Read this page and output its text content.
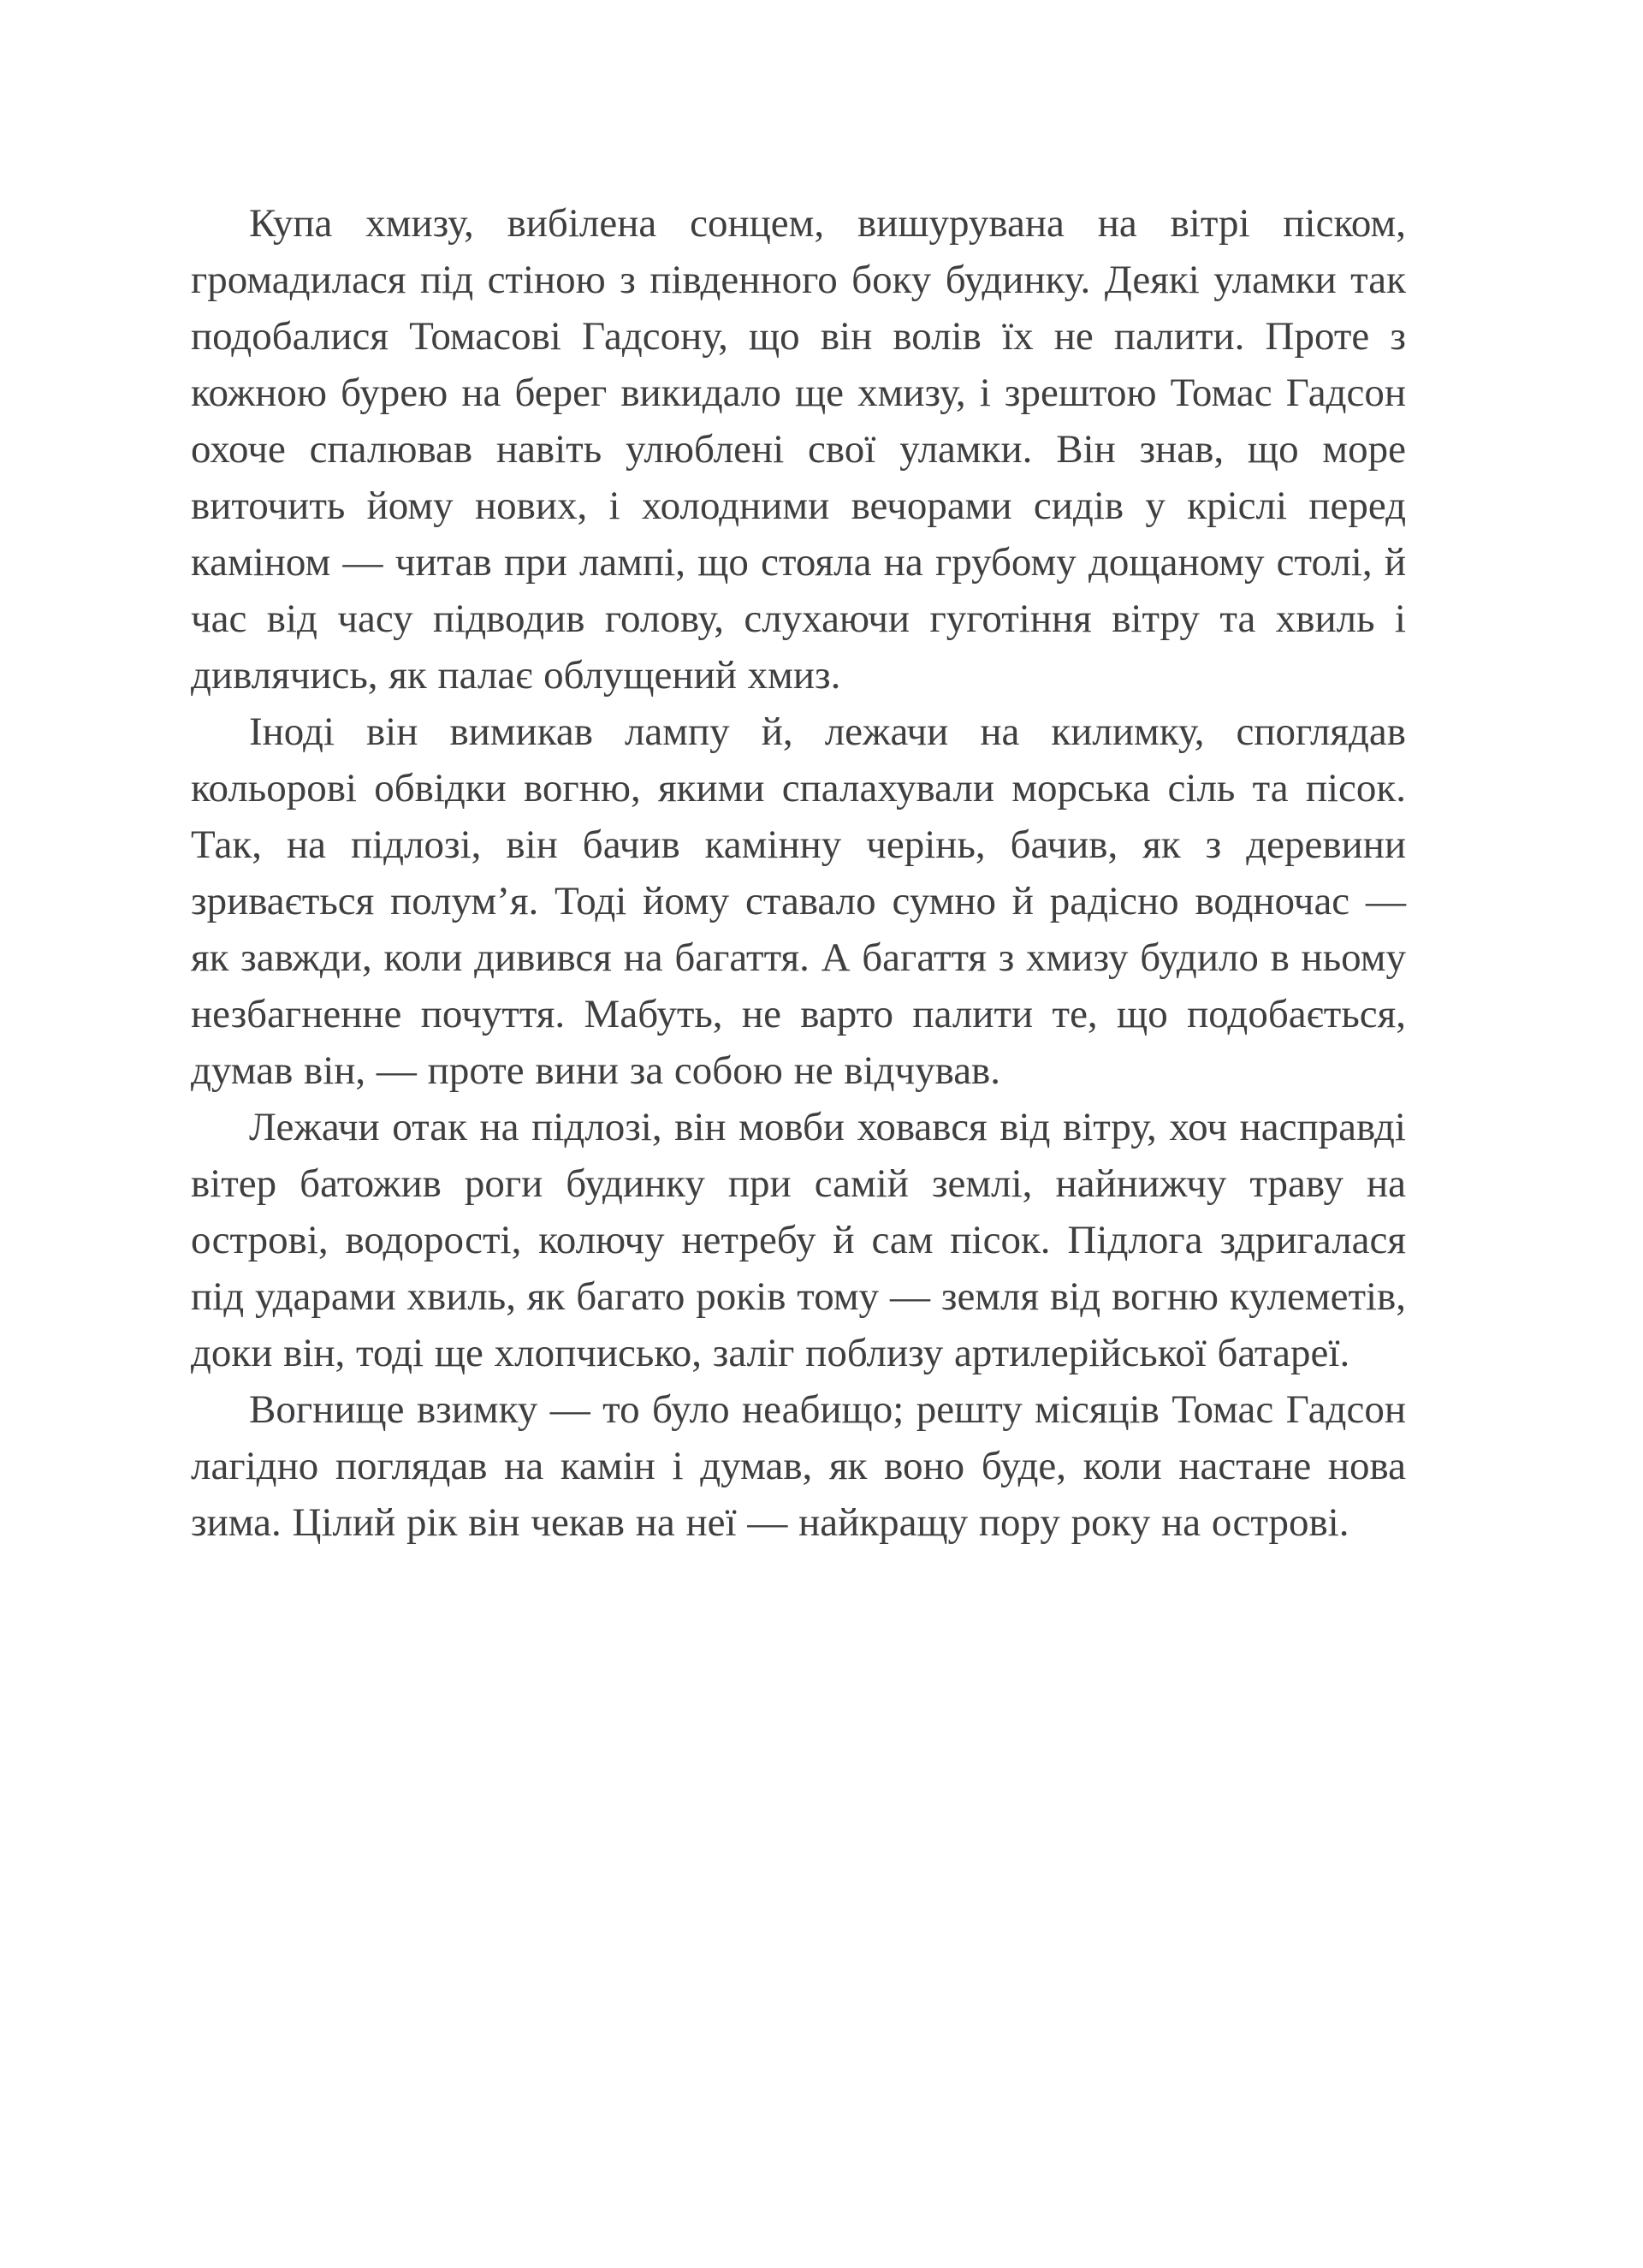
Купа хмизу, вибілена сонцем, вишурувана на вітрі піском, громадилася під стіною з південного боку будинку. Деякі уламки так подобалися Томасові Гадсону, що він волів їх не палити. Проте з кожною бурею на берег викидало ще хмизу, і зрештою Томас Гадсон охоче спалював навіть улюблені свої уламки. Він знав, що море виточить йому нових, і холодними вечорами сидів у кріслі перед каміном — читав при лампі, що стояла на грубому дощаному столі, й час від часу підводив голову, слухаючи гуготіння вітру та хвиль і дивлячись, як палає облущений хмиз.

Іноді він вимикав лампу й, лежачи на килимку, споглядав кольорові обвідки вогню, якими спалахували морська сіль та пісок. Так, на підлозі, він бачив камінну черінь, бачив, як з деревини зривається полум’я. Тоді йому ставало сумно й радісно водночас — як завжди, коли дивився на багаття. А багаття з хмизу будило в ньому незбагненне почуття. Мабуть, не варто палити те, що подобається, думав він, — проте вини за собою не відчував.

Лежачи отак на підлозі, він мовби ховався від вітру, хоч насправді вітер батожив роги будинку при самій землі, найнижчу траву на острові, водорості, колючу нетребу й сам пісок. Підлога здригалася під ударами хвиль, як багато років тому — земля від вогню кулеметів, доки він, тоді ще хлопчисько, заліг поблизу артилерійської батареї.

Вогнище взимку — то було неабищо; решту місяців Томас Гадсон лагідно поглядав на камін і думав, як воно буде, коли настане нова зима. Цілий рік він чекав на неї — найкращу пору року на острові.
